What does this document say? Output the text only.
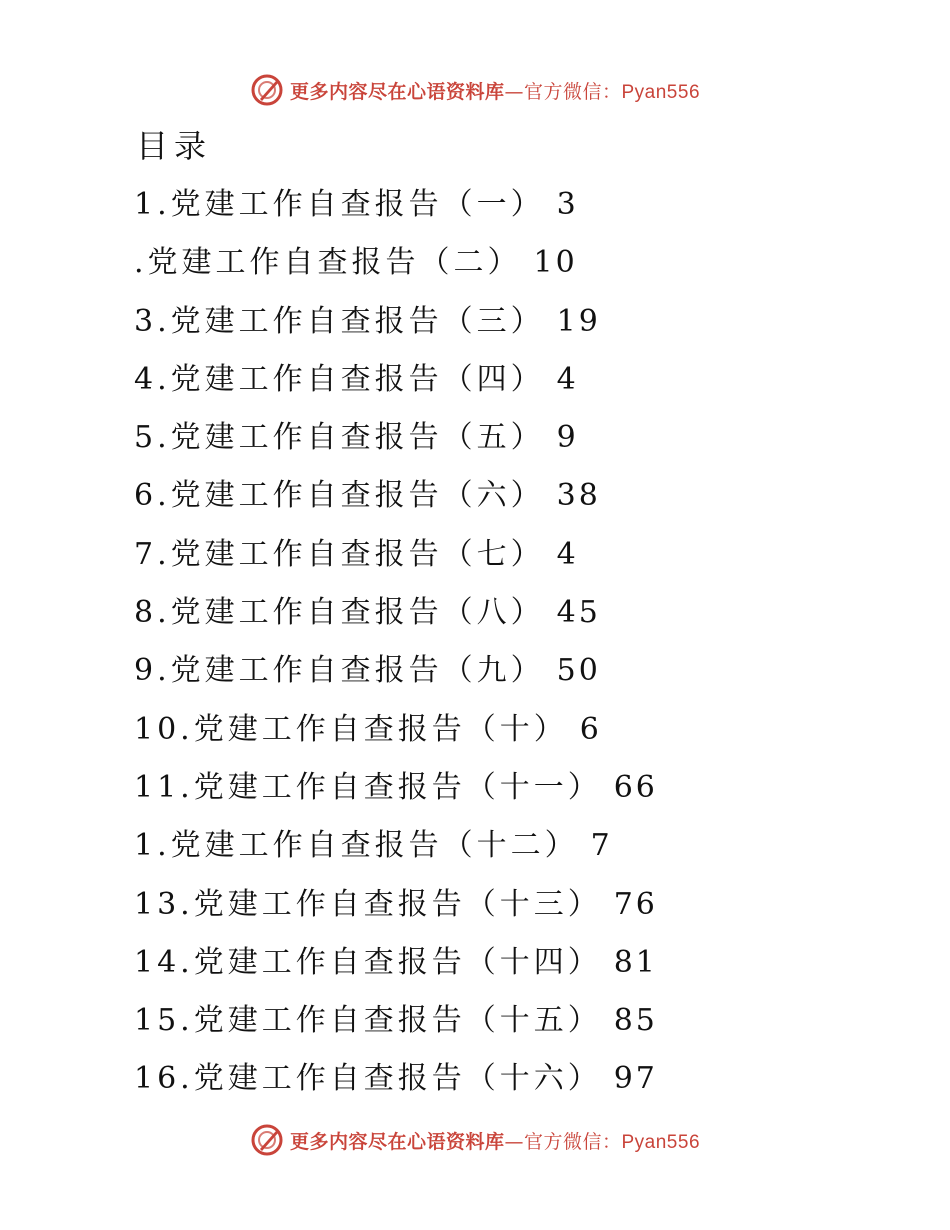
更多内容尽在心语资料库—官方微信：Pyan556
目录
1.党建工作自查报告（一） 3
.党建工作自查报告（二） 10
3.党建工作自查报告（三） 19
4.党建工作自查报告（四） 4
5.党建工作自查报告（五） 9
6.党建工作自查报告（六） 38
7.党建工作自查报告（七） 4
8.党建工作自查报告（八） 45
9.党建工作自查报告（九） 50
10.党建工作自查报告（十） 6
11.党建工作自查报告（十一） 66
1.党建工作自查报告（十二） 7
13.党建工作自查报告（十三） 76
14.党建工作自查报告（十四） 81
15.党建工作自查报告（十五） 85
16.党建工作自查报告（十六） 97
更多内容尽在心语资料库—官方微信：Pyan556
